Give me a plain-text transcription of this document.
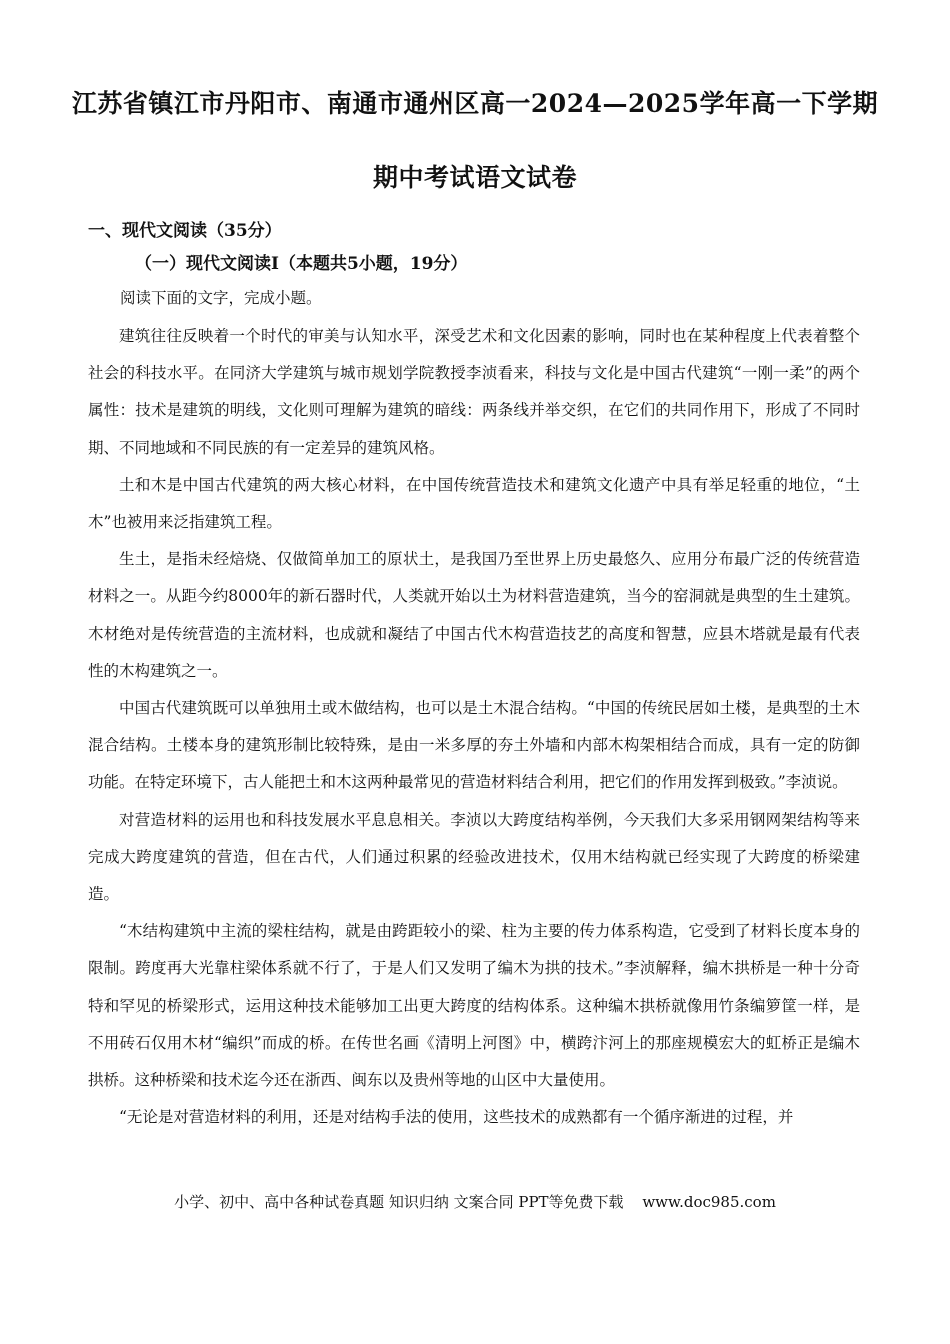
江苏省镇江市丹阳市、南通市通州区高一2024—2025学年高一下学期
期中考试语文试卷
一、现代文阅读（35分）
（一）现代文阅读Ⅰ（本题共5小题，19分）
阅读下面的文字，完成小题。

建筑往往反映着一个时代的审美与认知水平，深受艺术和文化因素的影响，同时也在某种程度上代表着整个社会的科技水平。在同济大学建筑与城市规划学院教授李浈看来，科技与文化是中国古代建筑“一刚一柔”的两个属性：技术是建筑的明线，文化则可理解为建筑的暗线：两条线并举交织，在它们的共同作用下，形成了不同时期、不同地域和不同民族的有一定差异的建筑风格。

土和木是中国古代建筑的两大核心材料，在中国传统营造技术和建筑文化遗产中具有举足轻重的地位，“土木”也被用来泛指建筑工程。

生土，是指未经焙烧、仅做简单加工的原状土，是我国乃至世界上历史最悠久、应用分布最广泛的传统营造材料之一。从距今约8000年的新石器时代，人类就开始以土为材料营造建筑，当今的窑洞就是典型的生土建筑。木材绝对是传统营造的主流材料，也成就和凝结了中国古代木构营造技艺的高度和智慧，应县木塔就是最有代表性的木构建筑之一。

中国古代建筑既可以单独用土或木做结构，也可以是土木混合结构。“中国的传统民居如土楼，是典型的土木混合结构。土楼本身的建筑形制比较特殊，是由一米多厚的夯土外墙和内部木构架相结合而成，具有一定的防御功能。在特定环境下，古人能把土和木这两种最常见的营造材料结合利用，把它们的作用发挥到极致。”李浈说。

对营造材料的运用也和科技发展水平息息相关。李浈以大跨度结构举例，今天我们大多采用钢网架结构等来完成大跨度建筑的营造，但在古代，人们通过积累的经验改进技术，仅用木结构就已经实现了大跨度的桥梁建造。

“木结构建筑中主流的梁柱结构，就是由跨距较小的梁、柱为主要的传力体系构造，它受到了材料长度本身的限制。跨度再大光靠柱梁体系就不行了，于是人们又发明了编木为拱的技术。”李浈解释，编木拱桥是一种十分奇特和罕见的桥梁形式，运用这种技术能够加工出更大跨度的结构体系。这种编木拱桥就像用竹条编箩筐一样，是不用砖石仅用木材“编织”而成的桥。在传世名画《清明上河图》中，横跨汴河上的那座规模宏大的虹桥正是编木拱桥。这种桥梁和技术迄今还在浙西、闽东以及贵州等地的山区中大量使用。

“无论是对营造材料的利用，还是对结构手法的使用，这些技术的成熟都有一个循序渐进的过程，并

小学、初中、高中各种试卷真题 知识归纳 文案合同 PPT等免费下载 www.doc985.com
